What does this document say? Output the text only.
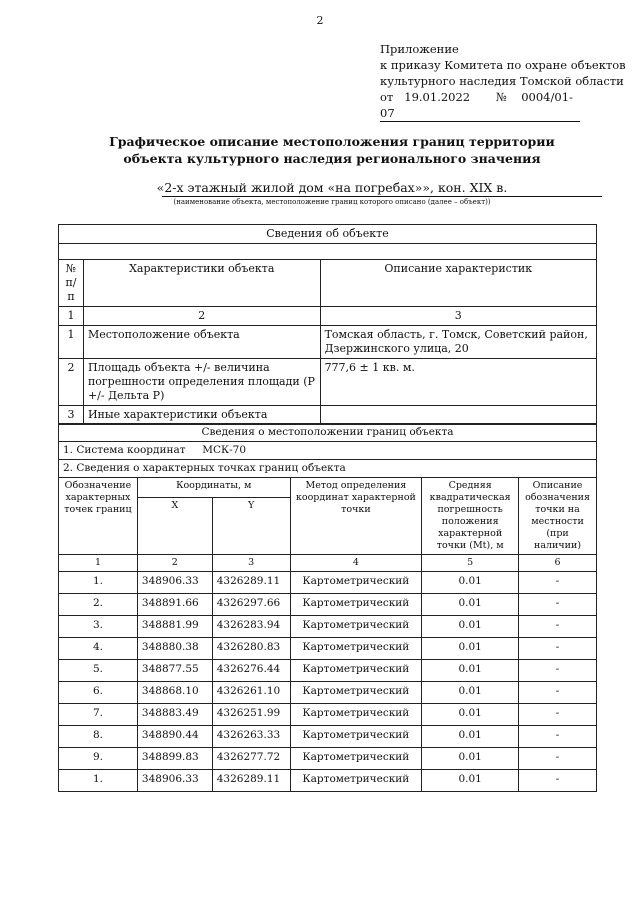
2
Приложение
к приказу Комитета по охране объектов
культурного наследия Томской области
от 19.01.2022 № 0004/01-07
Графическое описание местоположения границ территории
объекта культурного наследия регионального значения
«2-х этажный жилой дом «на погребах»», кон. XIX в.
(наименование объекта, местоположение границ которого описано (далее – объект))
Сведения об объекте		

№ п/п	Характеристики объекта	Описание характеристик
1	2	3
1	Местоположение объекта	Томская область, г. Томск, Советский район, Дзержинского улица, 20
2	Площадь объекта +/- величина погрешности определения площади (Р +/- Дельта Р)	777,6 ± 1 кв. м.
3	Иные характеристики объекта	
Сведения о местоположении границ объекта					
1. Система координат МСК-70					
2. Сведения о характерных точках границ объекта					
Обозначение характерных точек границ	Координаты, м		Метод определения координат характерной точки	Средняя квадратическая погрешность положения характерной точки (Mt), м	Описание обозначения точки на местности (при наличии)
	X	Y			
1	2	3	4	5	6
1.	348906.33	4326289.11	Картометрический	0.01	-
2.	348891.66	4326297.66	Картометрический	0.01	-
3.	348881.99	4326283.94	Картометрический	0.01	-
4.	348880.38	4326280.83	Картометрический	0.01	-
5.	348877.55	4326276.44	Картометрический	0.01	-
6.	348868.10	4326261.10	Картометрический	0.01	-
7.	348883.49	4326251.99	Картометрический	0.01	-
8.	348890.44	4326263.33	Картометрический	0.01	-
9.	348899.83	4326277.72	Картометрический	0.01	-
1.	348906.33	4326289.11	Картометрический	0.01	-
